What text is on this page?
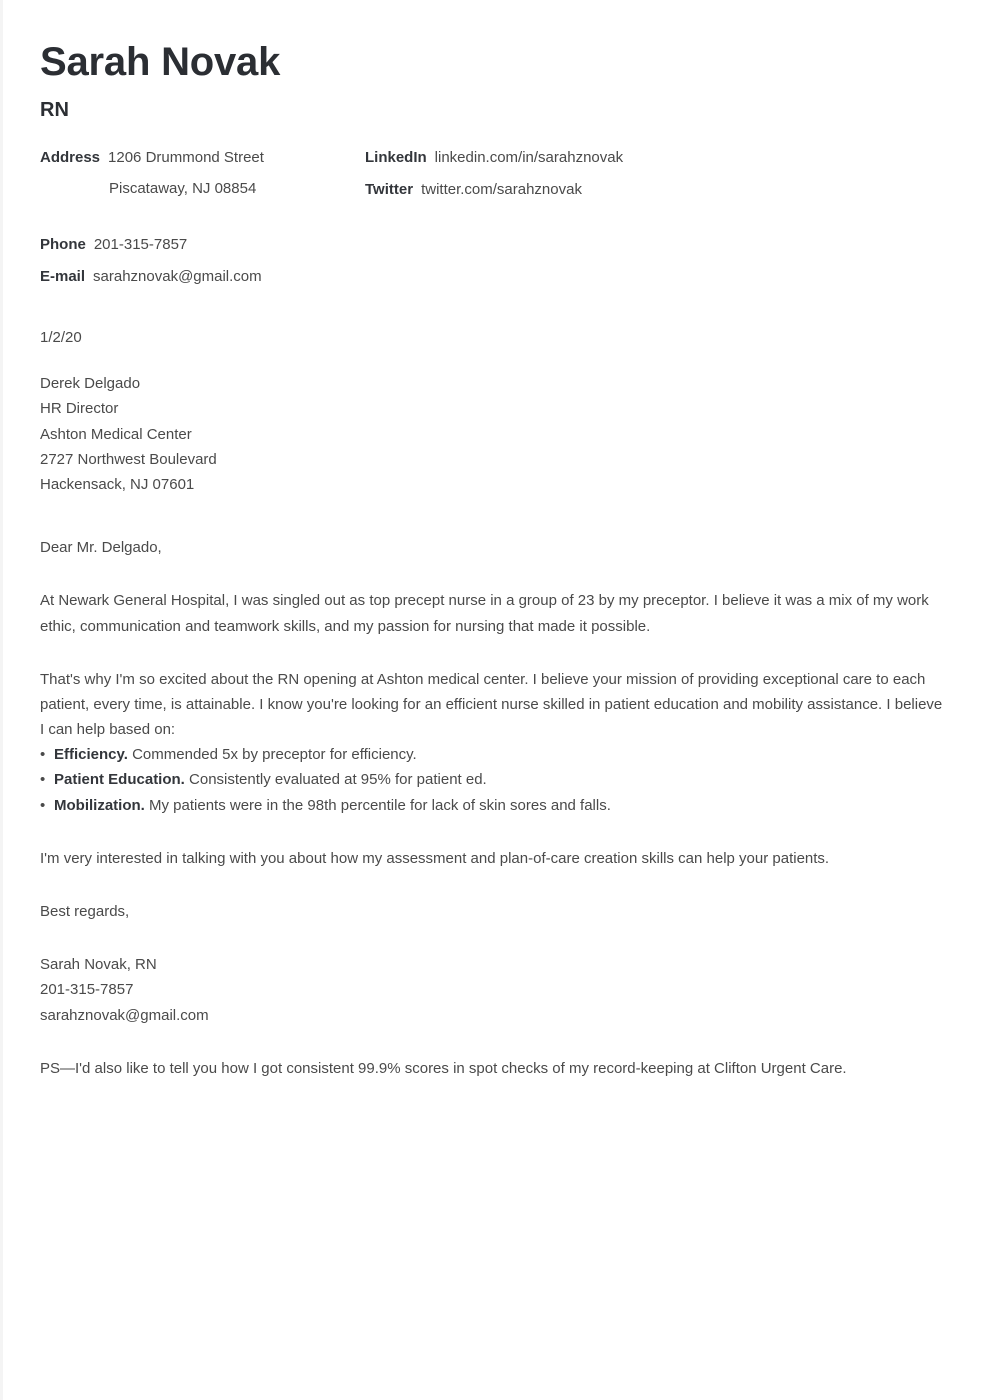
Sarah Novak
RN
Address 1206 Drummond Street
Piscataway, NJ 08854
Phone 201-315-7857
E-mail sarahznovak@gmail.com
LinkedIn linkedin.com/in/sarahznovak
Twitter twitter.com/sarahznovak
1/2/20
Derek Delgado
HR Director
Ashton Medical Center
2727 Northwest Boulevard
Hackensack, NJ 07601
Dear Mr. Delgado,
At Newark General Hospital, I was singled out as top precept nurse in a group of 23 by my preceptor. I believe it was a mix of my work ethic, communication and teamwork skills, and my passion for nursing that made it possible.
That's why I'm so excited about the RN opening at Ashton medical center. I believe your mission of providing exceptional care to each patient, every time, is attainable. I know you're looking for an efficient nurse skilled in patient education and mobility assistance. I believe I can help based on:
• Efficiency. Commended 5x by preceptor for efficiency.
• Patient Education. Consistently evaluated at 95% for patient ed.
• Mobilization. My patients were in the 98th percentile for lack of skin sores and falls.
I'm very interested in talking with you about how my assessment and plan-of-care creation skills can help your patients.
Best regards,
Sarah Novak, RN
201-315-7857
sarahznovak@gmail.com
PS—I'd also like to tell you how I got consistent 99.9% scores in spot checks of my record-keeping at Clifton Urgent Care.
